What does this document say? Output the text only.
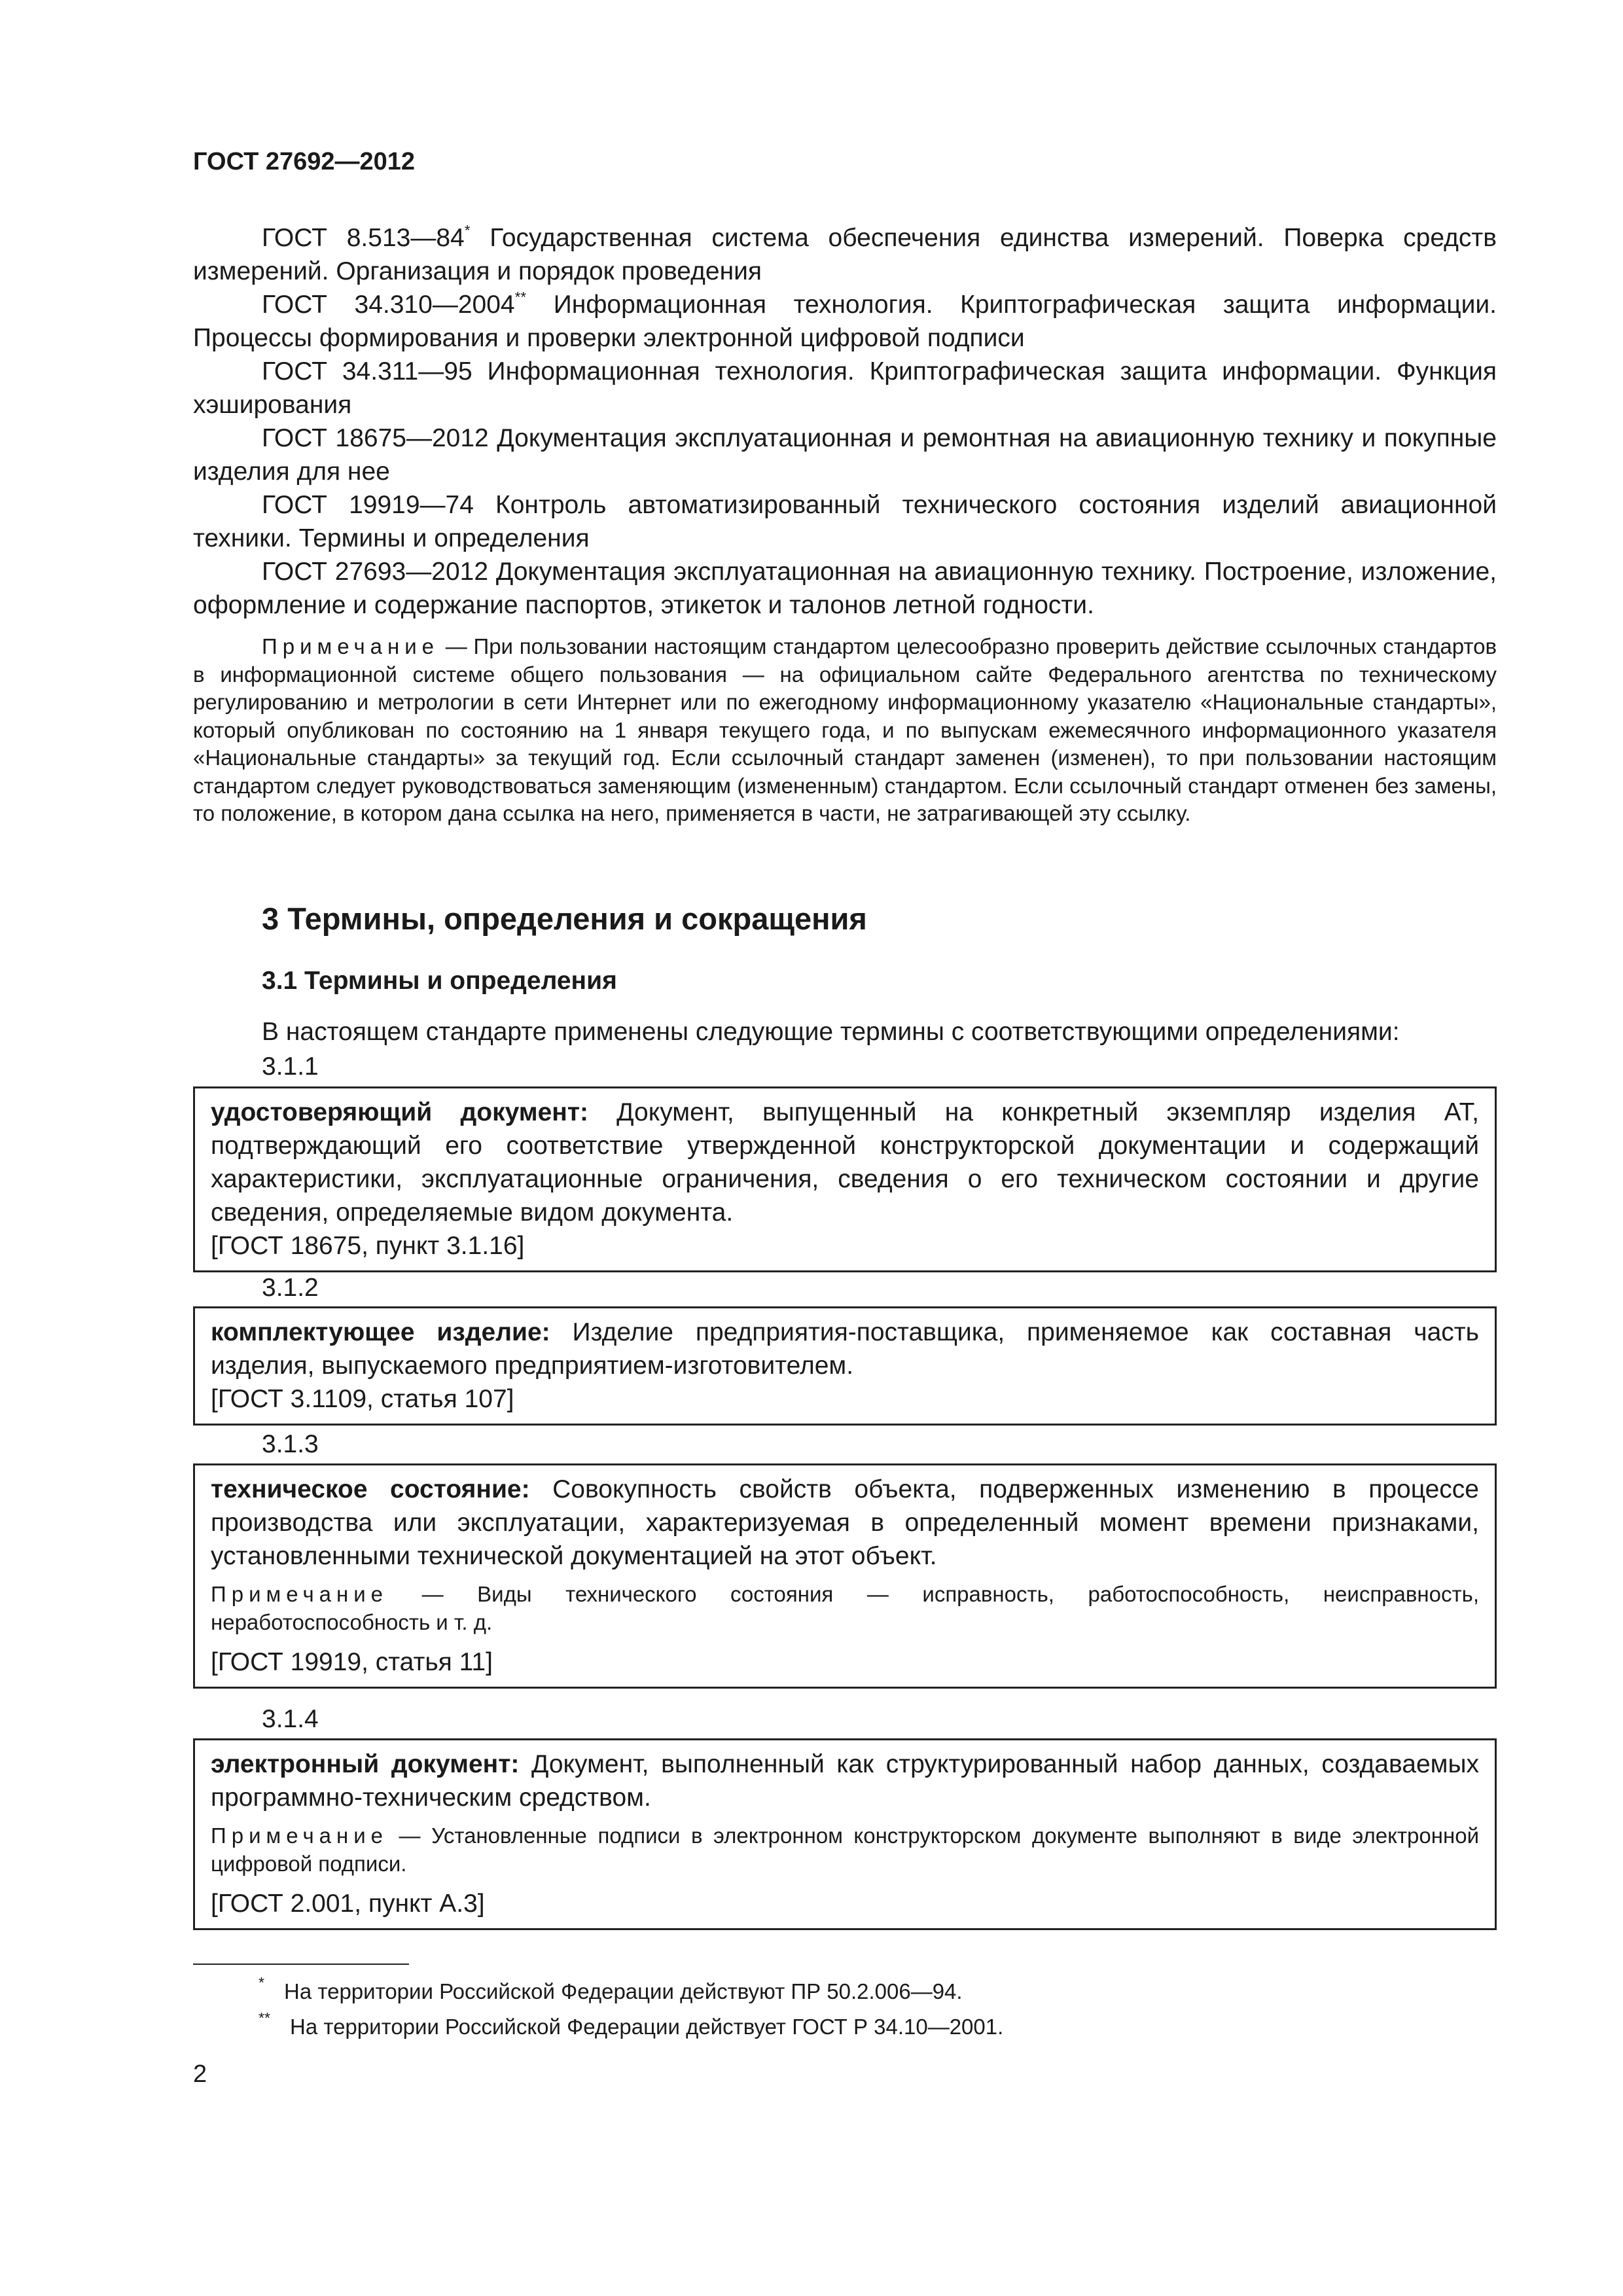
ГОСТ 27692—2012

ГОСТ 8.513—84* Государственная система обеспечения единства измерений. Поверка средств измерений. Организация и порядок проведения

ГОСТ 34.310—2004** Информационная технология. Криптографическая защита информации. Процессы формирования и проверки электронной цифровой подписи

ГОСТ 34.311—95 Информационная технология. Криптографическая защита информации. Функция хэширования

ГОСТ 18675—2012 Документация эксплуатационная и ремонтная на авиационную технику и покупные изделия для нее

ГОСТ 19919—74 Контроль автоматизированный технического состояния изделий авиационной техники. Термины и определения

ГОСТ 27693—2012 Документация эксплуатационная на авиационную технику. Построение, изложение, оформление и содержание паспортов, этикеток и талонов летной годности.

Примечание — При пользовании настоящим стандартом целесообразно проверить действие ссылочных стандартов в информационной системе общего пользования — на официальном сайте Федерального агентства по техническому регулированию и метрологии в сети Интернет или по ежегодному информационному указателю «Национальные стандарты», который опубликован по состоянию на 1 января текущего года, и по выпускам ежемесячного информационного указателя «Национальные стандарты» за текущий год. Если ссылочный стандарт заменен (изменен), то при пользовании настоящим стандартом следует руководствоваться заменяющим (измененным) стандартом. Если ссылочный стандарт отменен без замены, то положение, в котором дана ссылка на него, применяется в части, не затрагивающей эту ссылку.

3 Термины, определения и сокращения
3.1 Термины и определения

В настоящем стандарте применены следующие термины с соответствующими определениями:

3.1.1

удостоверяющий документ: Документ, выпущенный на конкретный экземпляр изделия АТ, подтверждающий его соответствие утвержденной конструкторской документации и содержащий характеристики, эксплуатационные ограничения, сведения о его техническом состоянии и другие сведения, определяемые видом документа.

[ГОСТ 18675, пункт 3.1.16]

3.1.2

комплектующее изделие: Изделие предприятия-поставщика, применяемое как составная часть изделия, выпускаемого предприятием-изготовителем.

[ГОСТ 3.1109, статья 107]

3.1.3

техническое состояние: Совокупность свойств объекта, подверженных изменению в процессе производства или эксплуатации, характеризуемая в определенный момент времени признаками, установленными технической документацией на этот объект.

Примечание — Виды технического состояния — исправность, работоспособность, неисправность, неработоспособность и т. д.

[ГОСТ 19919, статья 11]

3.1.4

электронный документ: Документ, выполненный как структурированный набор данных, создаваемых программно-техническим средством.

Примечание — Установленные подписи в электронном конструкторском документе выполняют в виде электронной цифровой подписи.

[ГОСТ 2.001, пункт А.3]

* На территории Российской Федерации действуют ПР 50.2.006—94.
** На территории Российской Федерации действует ГОСТ Р 34.10—2001.
2
